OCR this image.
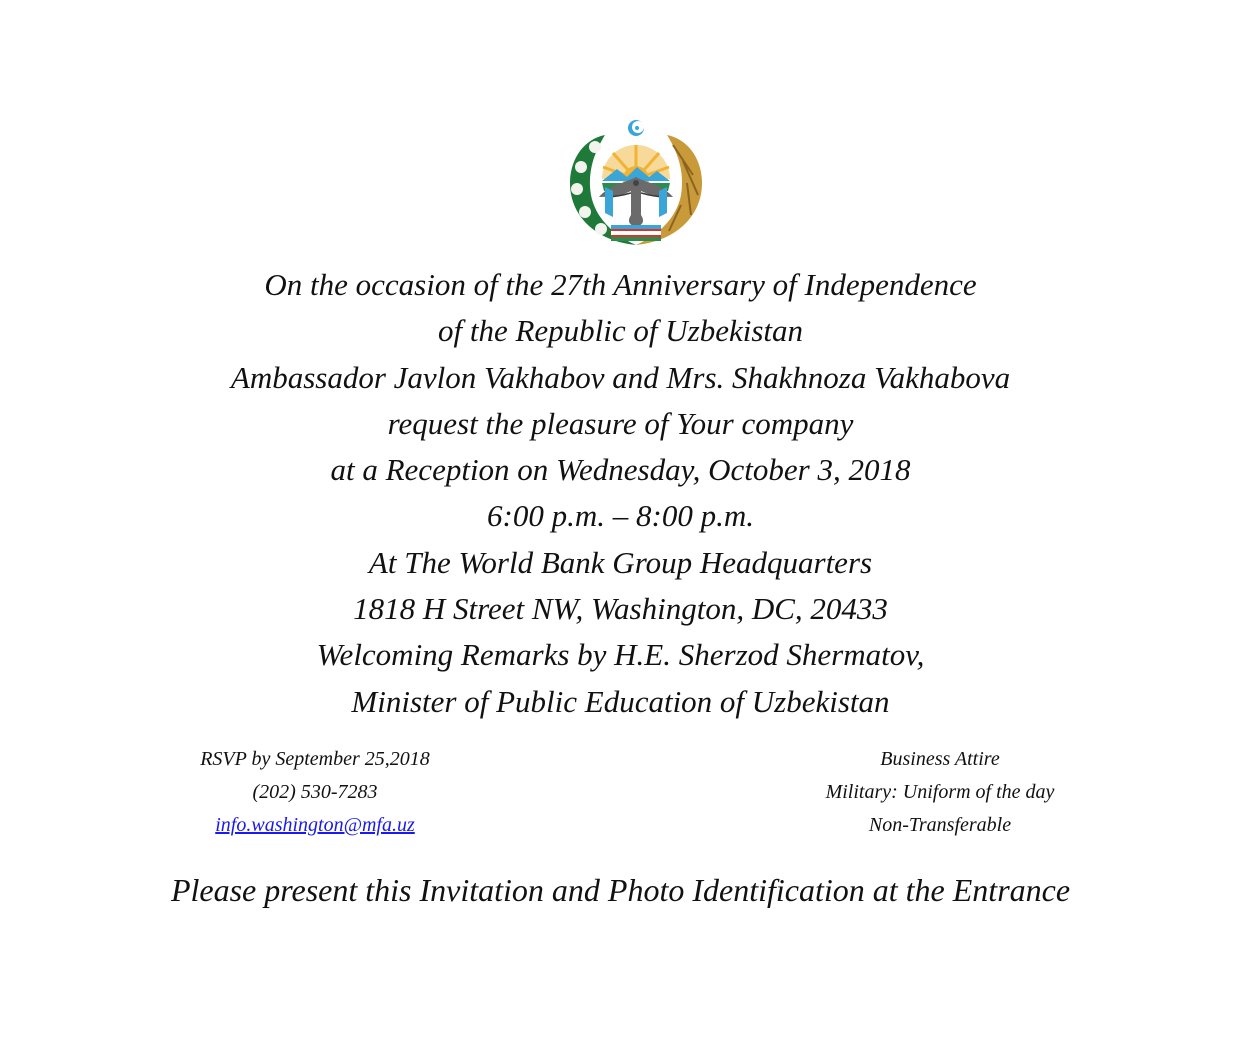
On the occasion of the 27th Anniversary of Independence
of the Republic of Uzbekistan
Ambassador Javlon Vakhabov and Mrs. Shakhnoza Vakhabova
request the pleasure of Your company
at a Reception on Wednesday, October 3, 2018
6:00 p.m. – 8:00 p.m.
At The World Bank Group Headquarters
1818 H Street NW, Washington, DC, 20433
Welcoming Remarks by H.E. Sherzod Shermatov,
Minister of Public Education of Uzbekistan
RSVP by September 25,2018
(202) 530-7283
info.washington@mfa.uz
Business Attire
Military: Uniform of the day
Non-Transferable
Please present this Invitation and Photo Identification at the Entrance
